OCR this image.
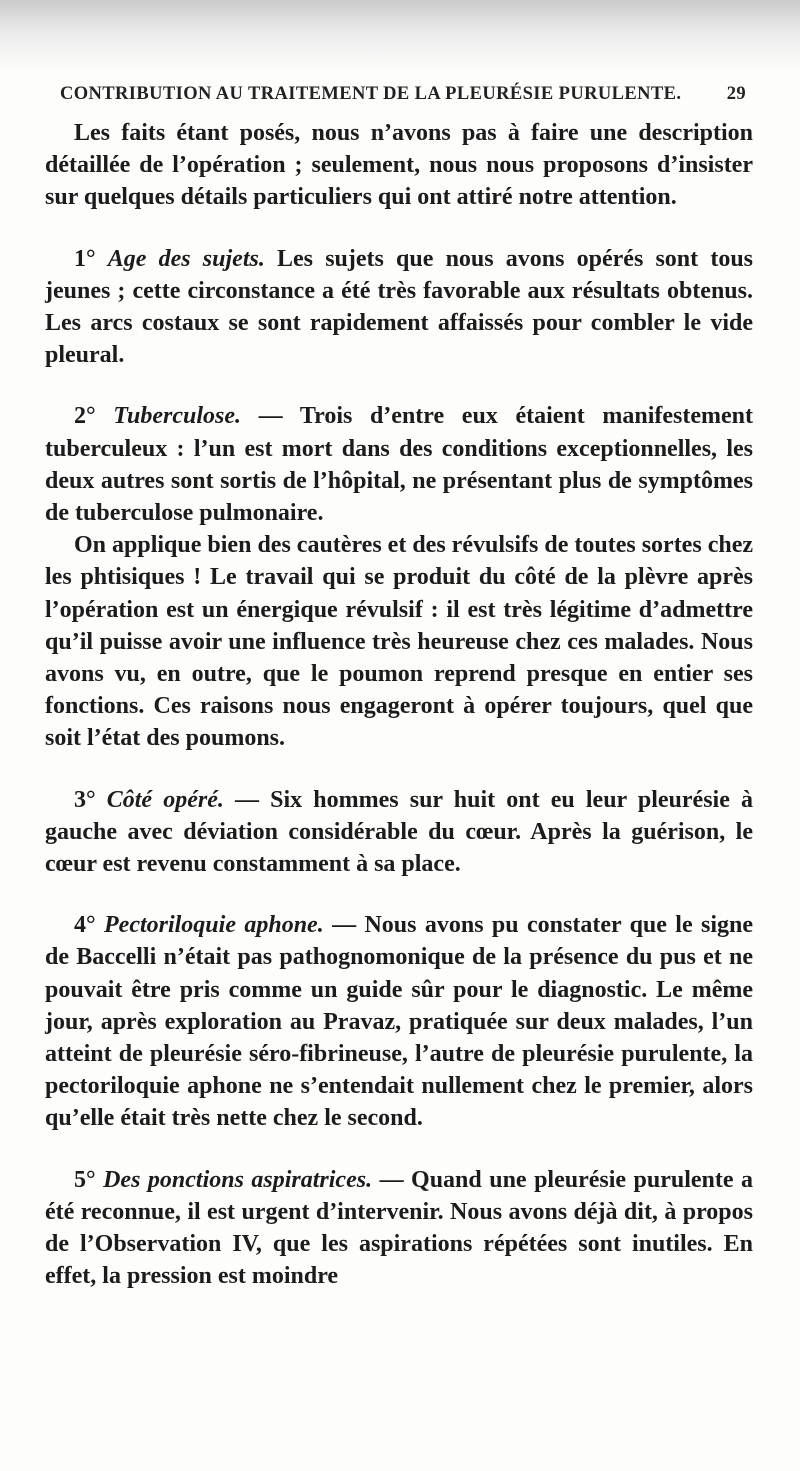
CONTRIBUTION AU TRAITEMENT DE LA PLEURÉSIE PURULENTE. 29

Les faits étant posés, nous n’avons pas à faire une description détaillée de l’opération ; seulement, nous nous proposons d’insister sur quelques détails particuliers qui ont attiré notre attention.

1° Age des sujets. Les sujets que nous avons opérés sont tous jeunes ; cette circonstance a été très favorable aux résultats obtenus. Les arcs costaux se sont rapidement affaissés pour combler le vide pleural.

2° Tuberculose. — Trois d’entre eux étaient manifestement tuberculeux : l’un est mort dans des conditions exceptionnelles, les deux autres sont sortis de l’hôpital, ne présentant plus de symptômes de tuberculose pulmonaire.

On applique bien des cautères et des révulsifs de toutes sortes chez les phtisiques ! Le travail qui se produit du côté de la plèvre après l’opération est un énergique révulsif : il est très légitime d’admettre qu’il puisse avoir une influence très heureuse chez ces malades. Nous avons vu, en outre, que le poumon reprend presque en entier ses fonctions. Ces raisons nous engageront à opérer toujours, quel que soit l’état des poumons.

3° Côté opéré. — Six hommes sur huit ont eu leur pleurésie à gauche avec déviation considérable du cœur. Après la guérison, le cœur est revenu constamment à sa place.

4° Pectoriloquie aphone. — Nous avons pu constater que le signe de Baccelli n’était pas pathognomonique de la présence du pus et ne pouvait être pris comme un guide sûr pour le diagnostic. Le même jour, après exploration au Pravaz, pratiquée sur deux malades, l’un atteint de pleurésie séro-fibrineuse, l’autre de pleurésie purulente, la pectoriloquie aphone ne s’entendait nullement chez le premier, alors qu’elle était très nette chez le second.

5° Des ponctions aspiratrices. — Quand une pleurésie purulente a été reconnue, il est urgent d’intervenir. Nous avons déjà dit, à propos de l’Observation IV, que les aspirations répétées sont inutiles. En effet, la pression est moindre
